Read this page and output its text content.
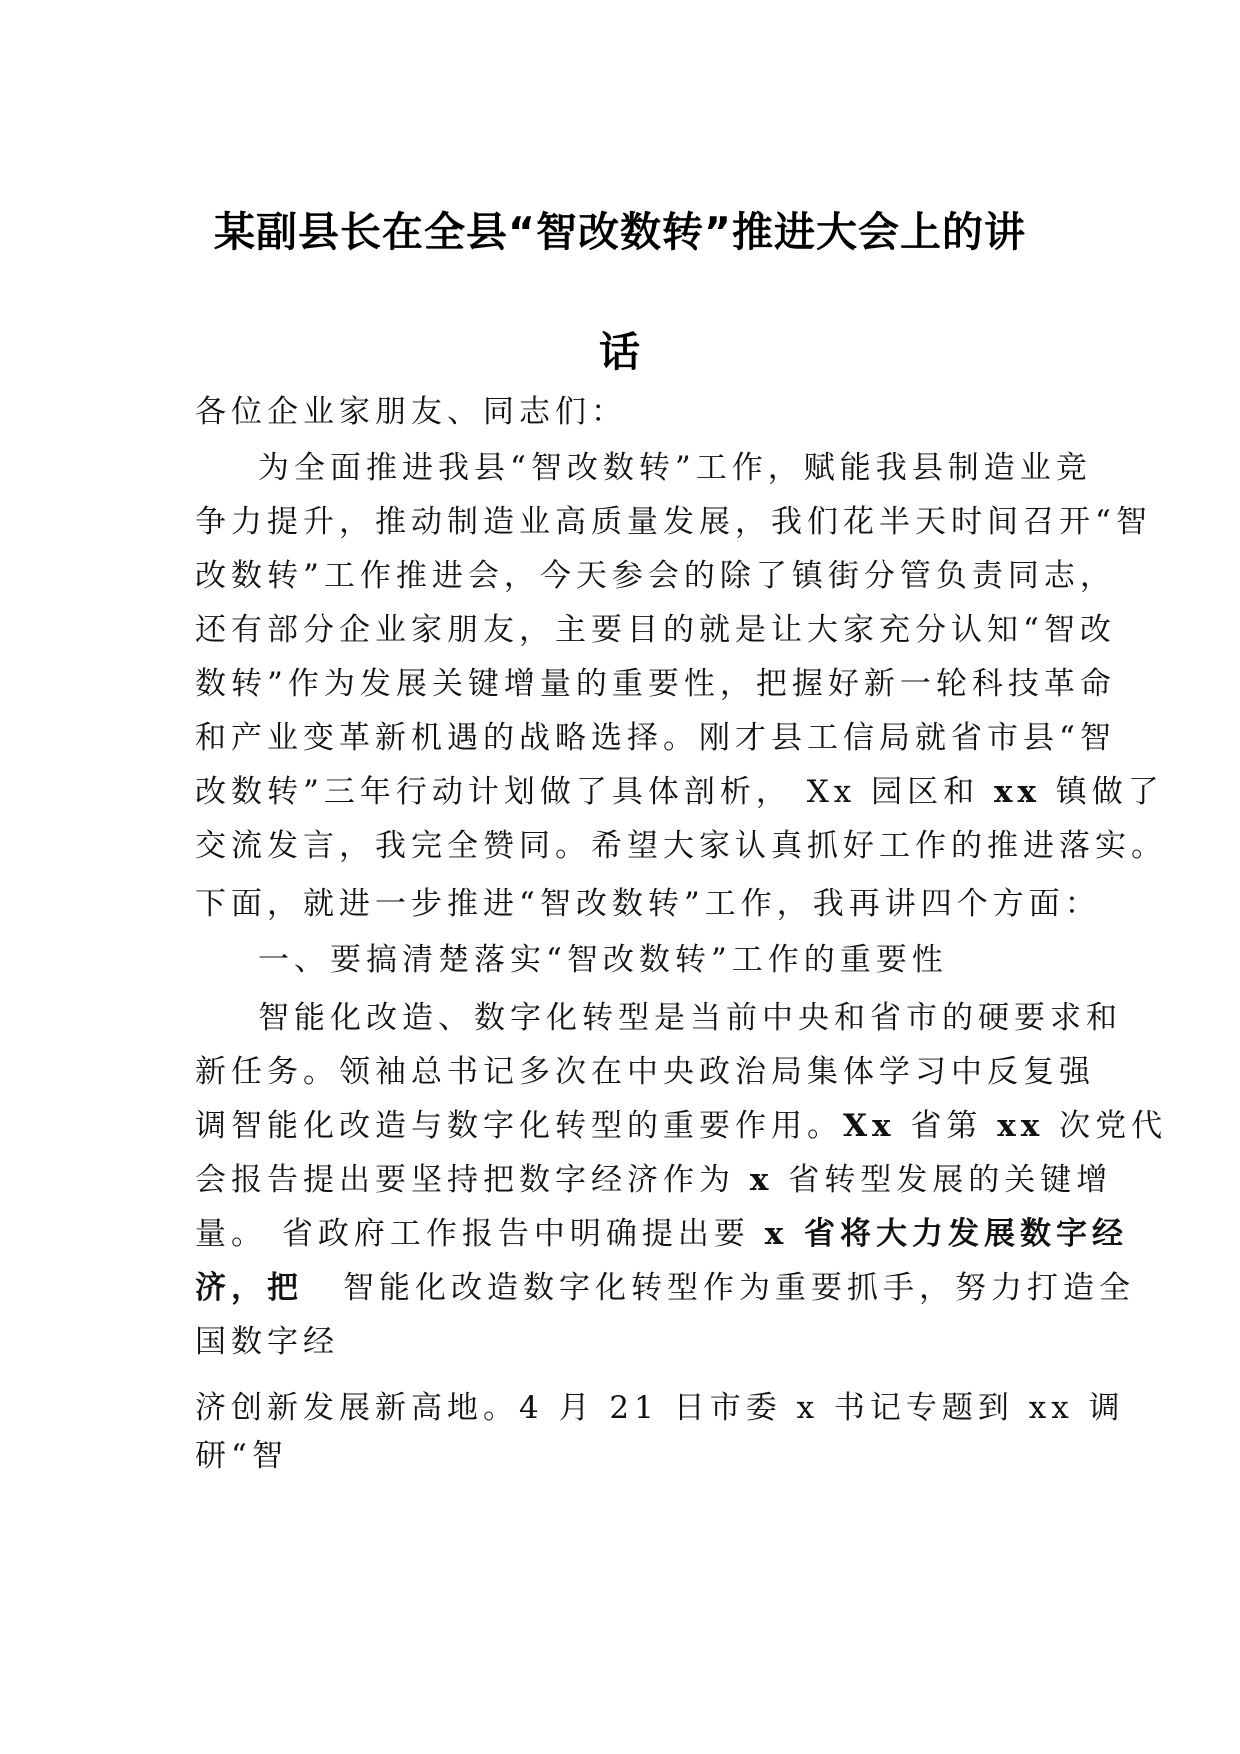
某副县长在全县“智改数转”推进大会上的讲
话
各位企业家朋友、同志们：
为全面推进我县“智改数转”工作，赋能我县制造业竞
争力提升，推动制造业高质量发展，我们花半天时间召开“智
改数转”工作推进会，今天参会的除了镇街分管负责同志，
还有部分企业家朋友，主要目的就是让大家充分认知“智改
数转”作为发展关键增量的重要性，把握好新一轮科技革命
和产业变革新机遇的战略选择。刚才县工信局就省市县“智
改数转”三年行动计划做了具体剖析， Xx 园区和 xx 镇做了
交流发言，我完全赞同。希望大家认真抓好工作的推进落实。
下面，就进一步推进“智改数转”工作，我再讲四个方面：
一、要搞清楚落实“智改数转”工作的重要性
智能化改造、数字化转型是当前中央和省市的硬要求和
新任务。领袖总书记多次在中央政治局集体学习中反复强
调智能化改造与数字化转型的重要作用。Xx 省第 xx 次党代
会报告提出要坚持把数字经济作为 x 省转型发展的关键增
量。 省政府工作报告中明确提出要 x 省将大力发展数字经
济，把 智能化改造数字化转型作为重要抓手，努力打造全
国数字经
济创新发展新高地。4 月 21 日市委 x 书记专题到 xx 调
研“智
